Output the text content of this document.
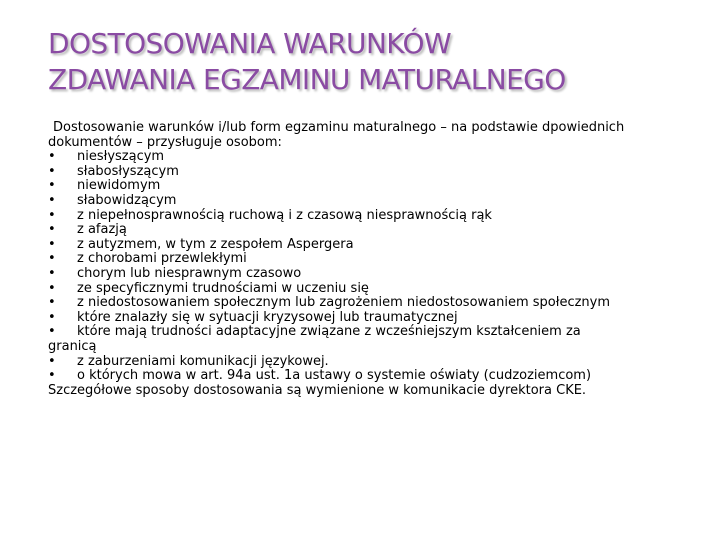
DOSTOSOWANIA WARUNKÓW
ZDAWANIA EGZAMINU MATURALNEGO
Dostosowanie warunków i/lub form egzaminu maturalnego – na podstawie dpowiednich dokumentów – przysługuje osobom:
•	niesłyszącym
•	słabosłyszącym
•	niewidomym
•	słabowidzącym
•	z niepełnosprawnością ruchową i z czasową niesprawnością rąk
•	z afazją
•	z autyzmem, w tym z zespołem Aspergera
•	z chorobami przewlekłymi
•	chorym lub niesprawnym czasowo
•	ze specyficznymi trudnościami w uczeniu się
•	z niedostosowaniem społecznym lub zagrożeniem niedostosowaniem społecznym
•	które znalazły się w sytuacji kryzysowej lub traumatycznej
•	które mają trudności adaptacyjne związane z wcześniejszym kształceniem za
granicą
•	z zaburzeniami komunikacji językowej.
•	o których mowa w art. 94a ust. 1a ustawy o systemie oświaty (cudzoziemcom)
Szczegółowe sposoby dostosowania są wymienione w komunikacie dyrektora CKE.
